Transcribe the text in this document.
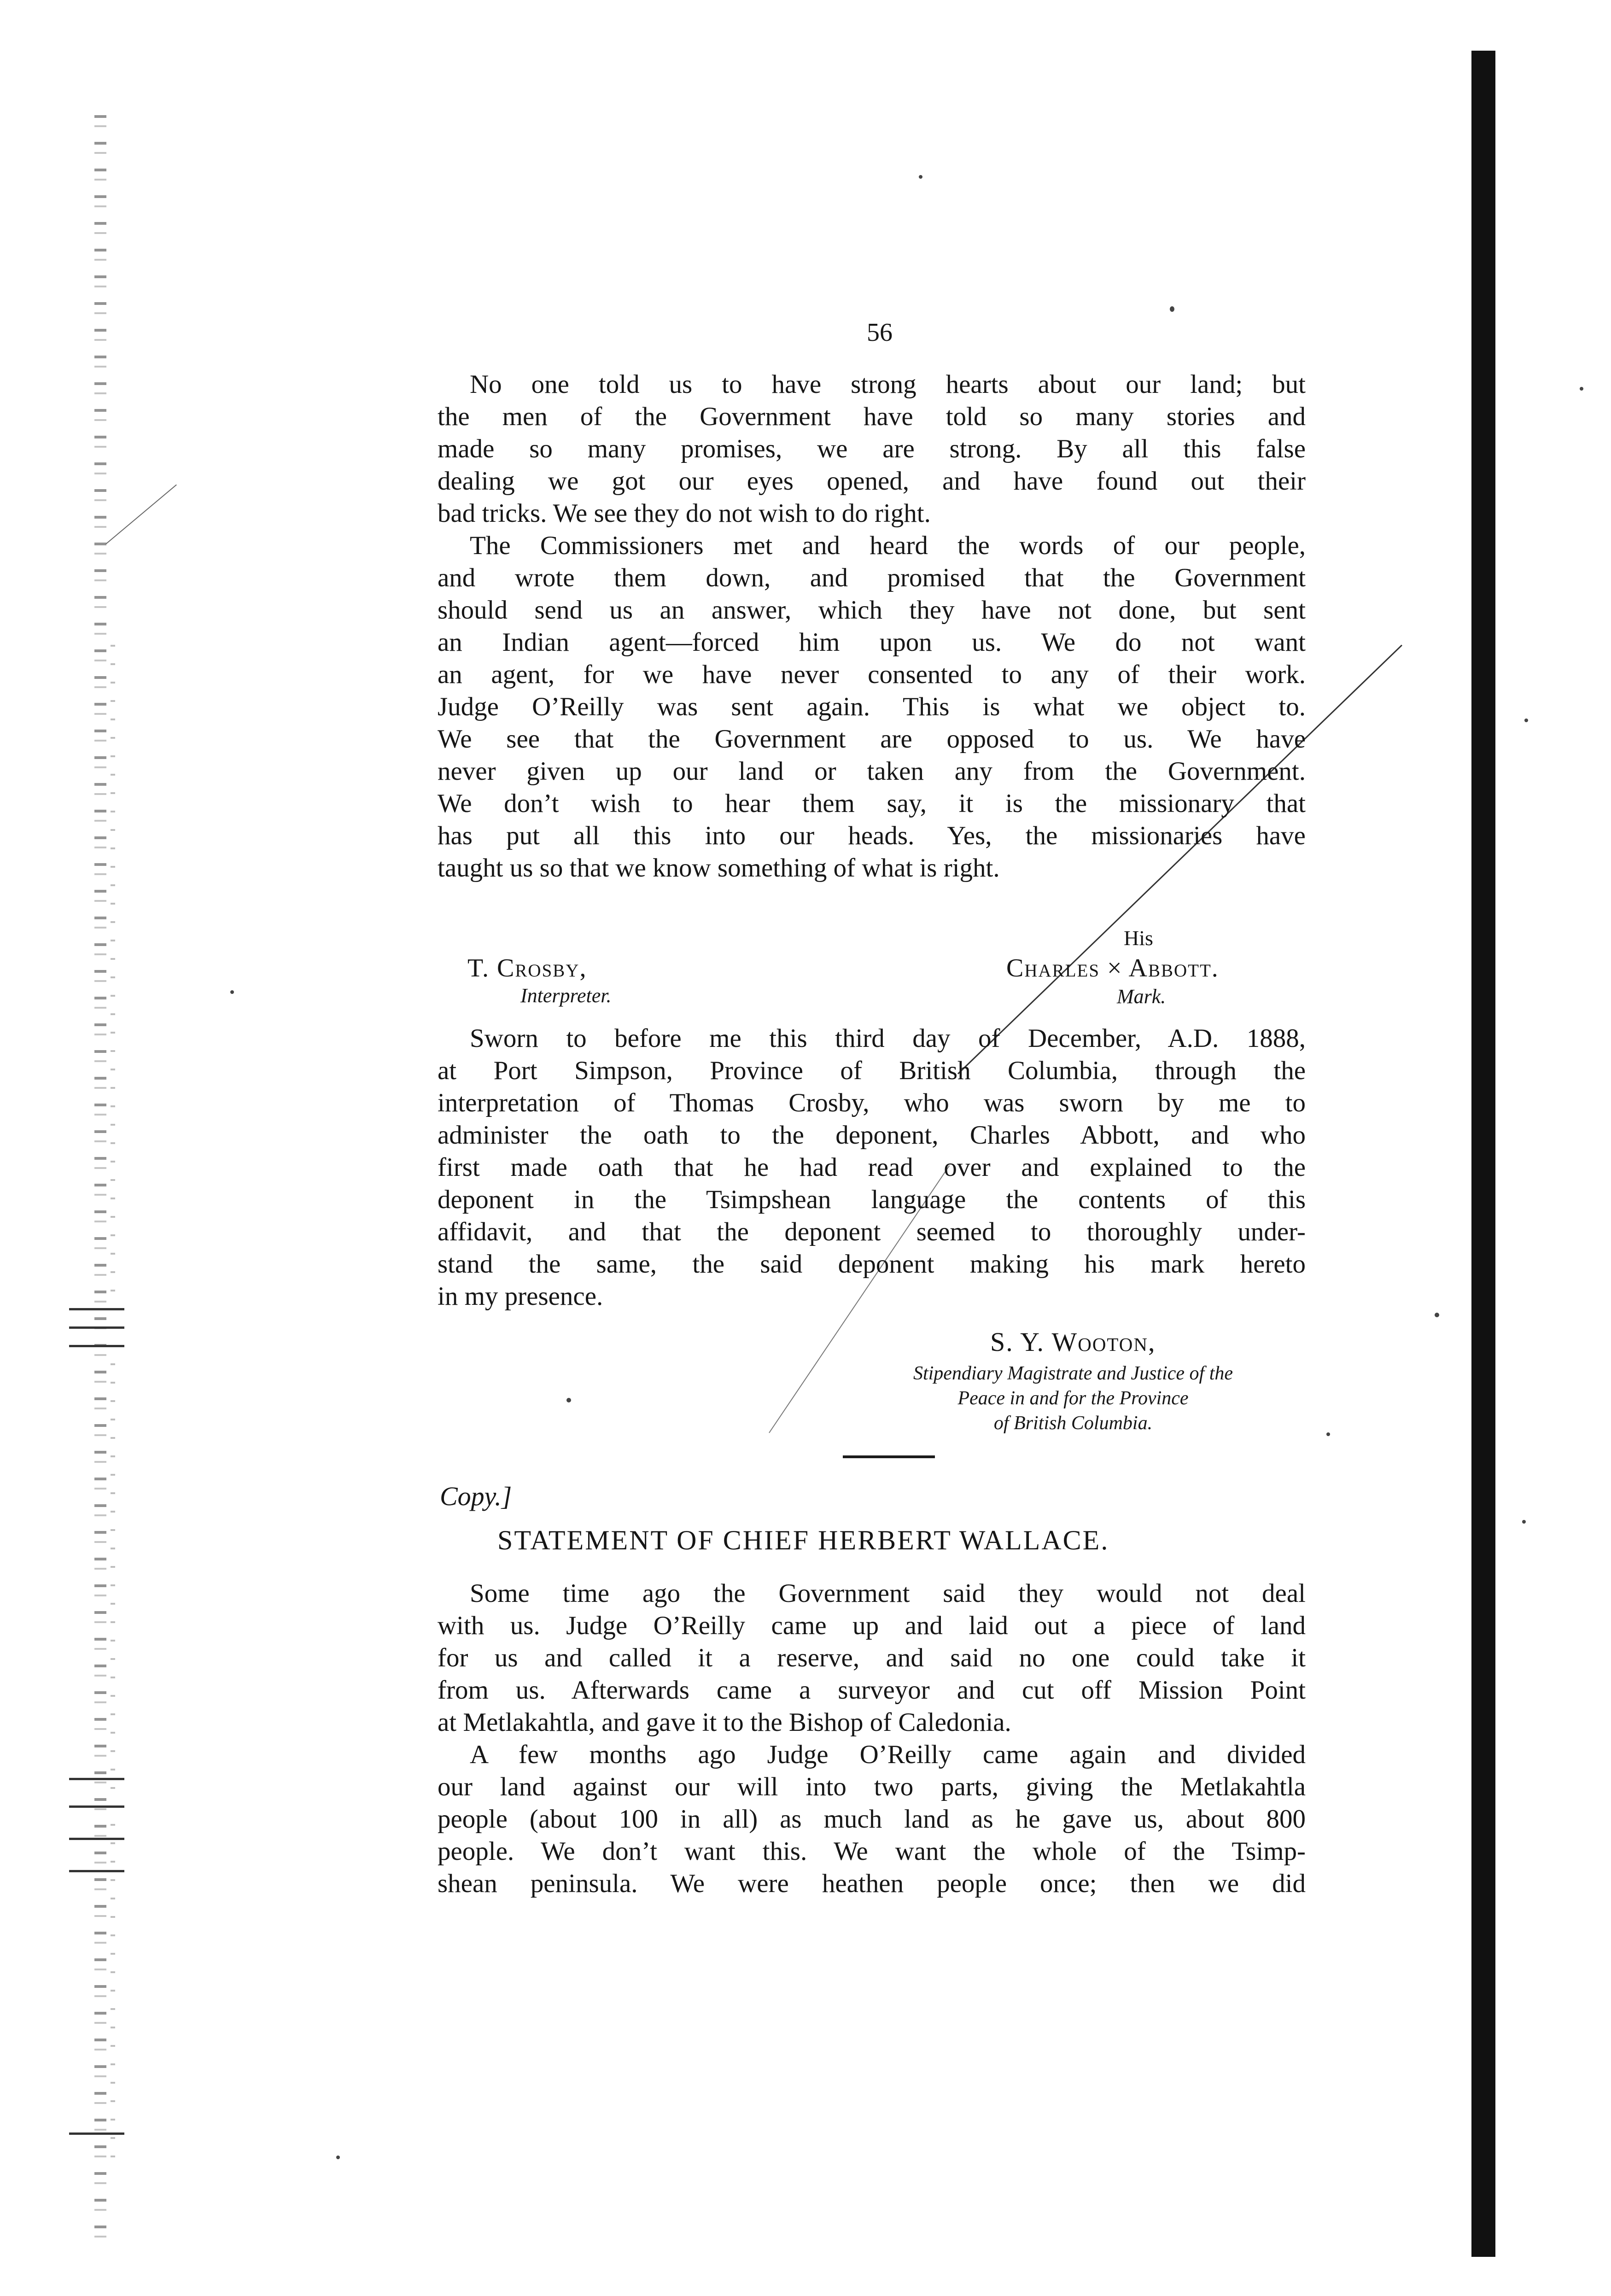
56
No one told us to have strong hearts about our land; but
the men of the Government have told so many stories and
made so many promises, we are strong. By all this false
dealing we got our eyes opened, and have found out their
bad tricks. We see they do not wish to do right.
The Commissioners met and heard the words of our people,
and wrote them down, and promised that the Government
should send us an answer, which they have not done, but sent
an Indian agent—forced him upon us. We do not want
an agent, for we have never consented to any of their work.
Judge O’Reilly was sent again. This is what we object to.
We see that the Government are opposed to us. We have
never given up our land or taken any from the Government.
We don’t wish to hear them say, it is the missionary that
has put all this into our heads. Yes, the missionaries have
taught us so that we know something of what is right.
T. Crosby,
Interpreter.
His
Charles × Abbott.
Mark.
Sworn to before me this third day of December, A.D. 1888,
at Port Simpson, Province of British Columbia, through the
interpretation of Thomas Crosby, who was sworn by me to
administer the oath to the deponent, Charles Abbott, and who
first made oath that he had read over and explained to the
deponent in the Tsimpshean language the contents of this
affidavit, and that the deponent seemed to thoroughly under-
stand the same, the said deponent making his mark hereto
in my presence.
S. Y. Wooton,
Stipendiary Magistrate and Justice of the
Peace in and for the Province
of British Columbia.
Copy.]
STATEMENT OF CHIEF HERBERT WALLACE.
Some time ago the Government said they would not deal
with us. Judge O’Reilly came up and laid out a piece of land
for us and called it a reserve, and said no one could take it
from us. Afterwards came a surveyor and cut off Mission Point
at Metlakahtla, and gave it to the Bishop of Caledonia.
A few months ago Judge O’Reilly came again and divided
our land against our will into two parts, giving the Metlakahtla
people (about 100 in all) as much land as he gave us, about 800
people. We don’t want this. We want the whole of the Tsimp-
shean peninsula. We were heathen people once; then we did
